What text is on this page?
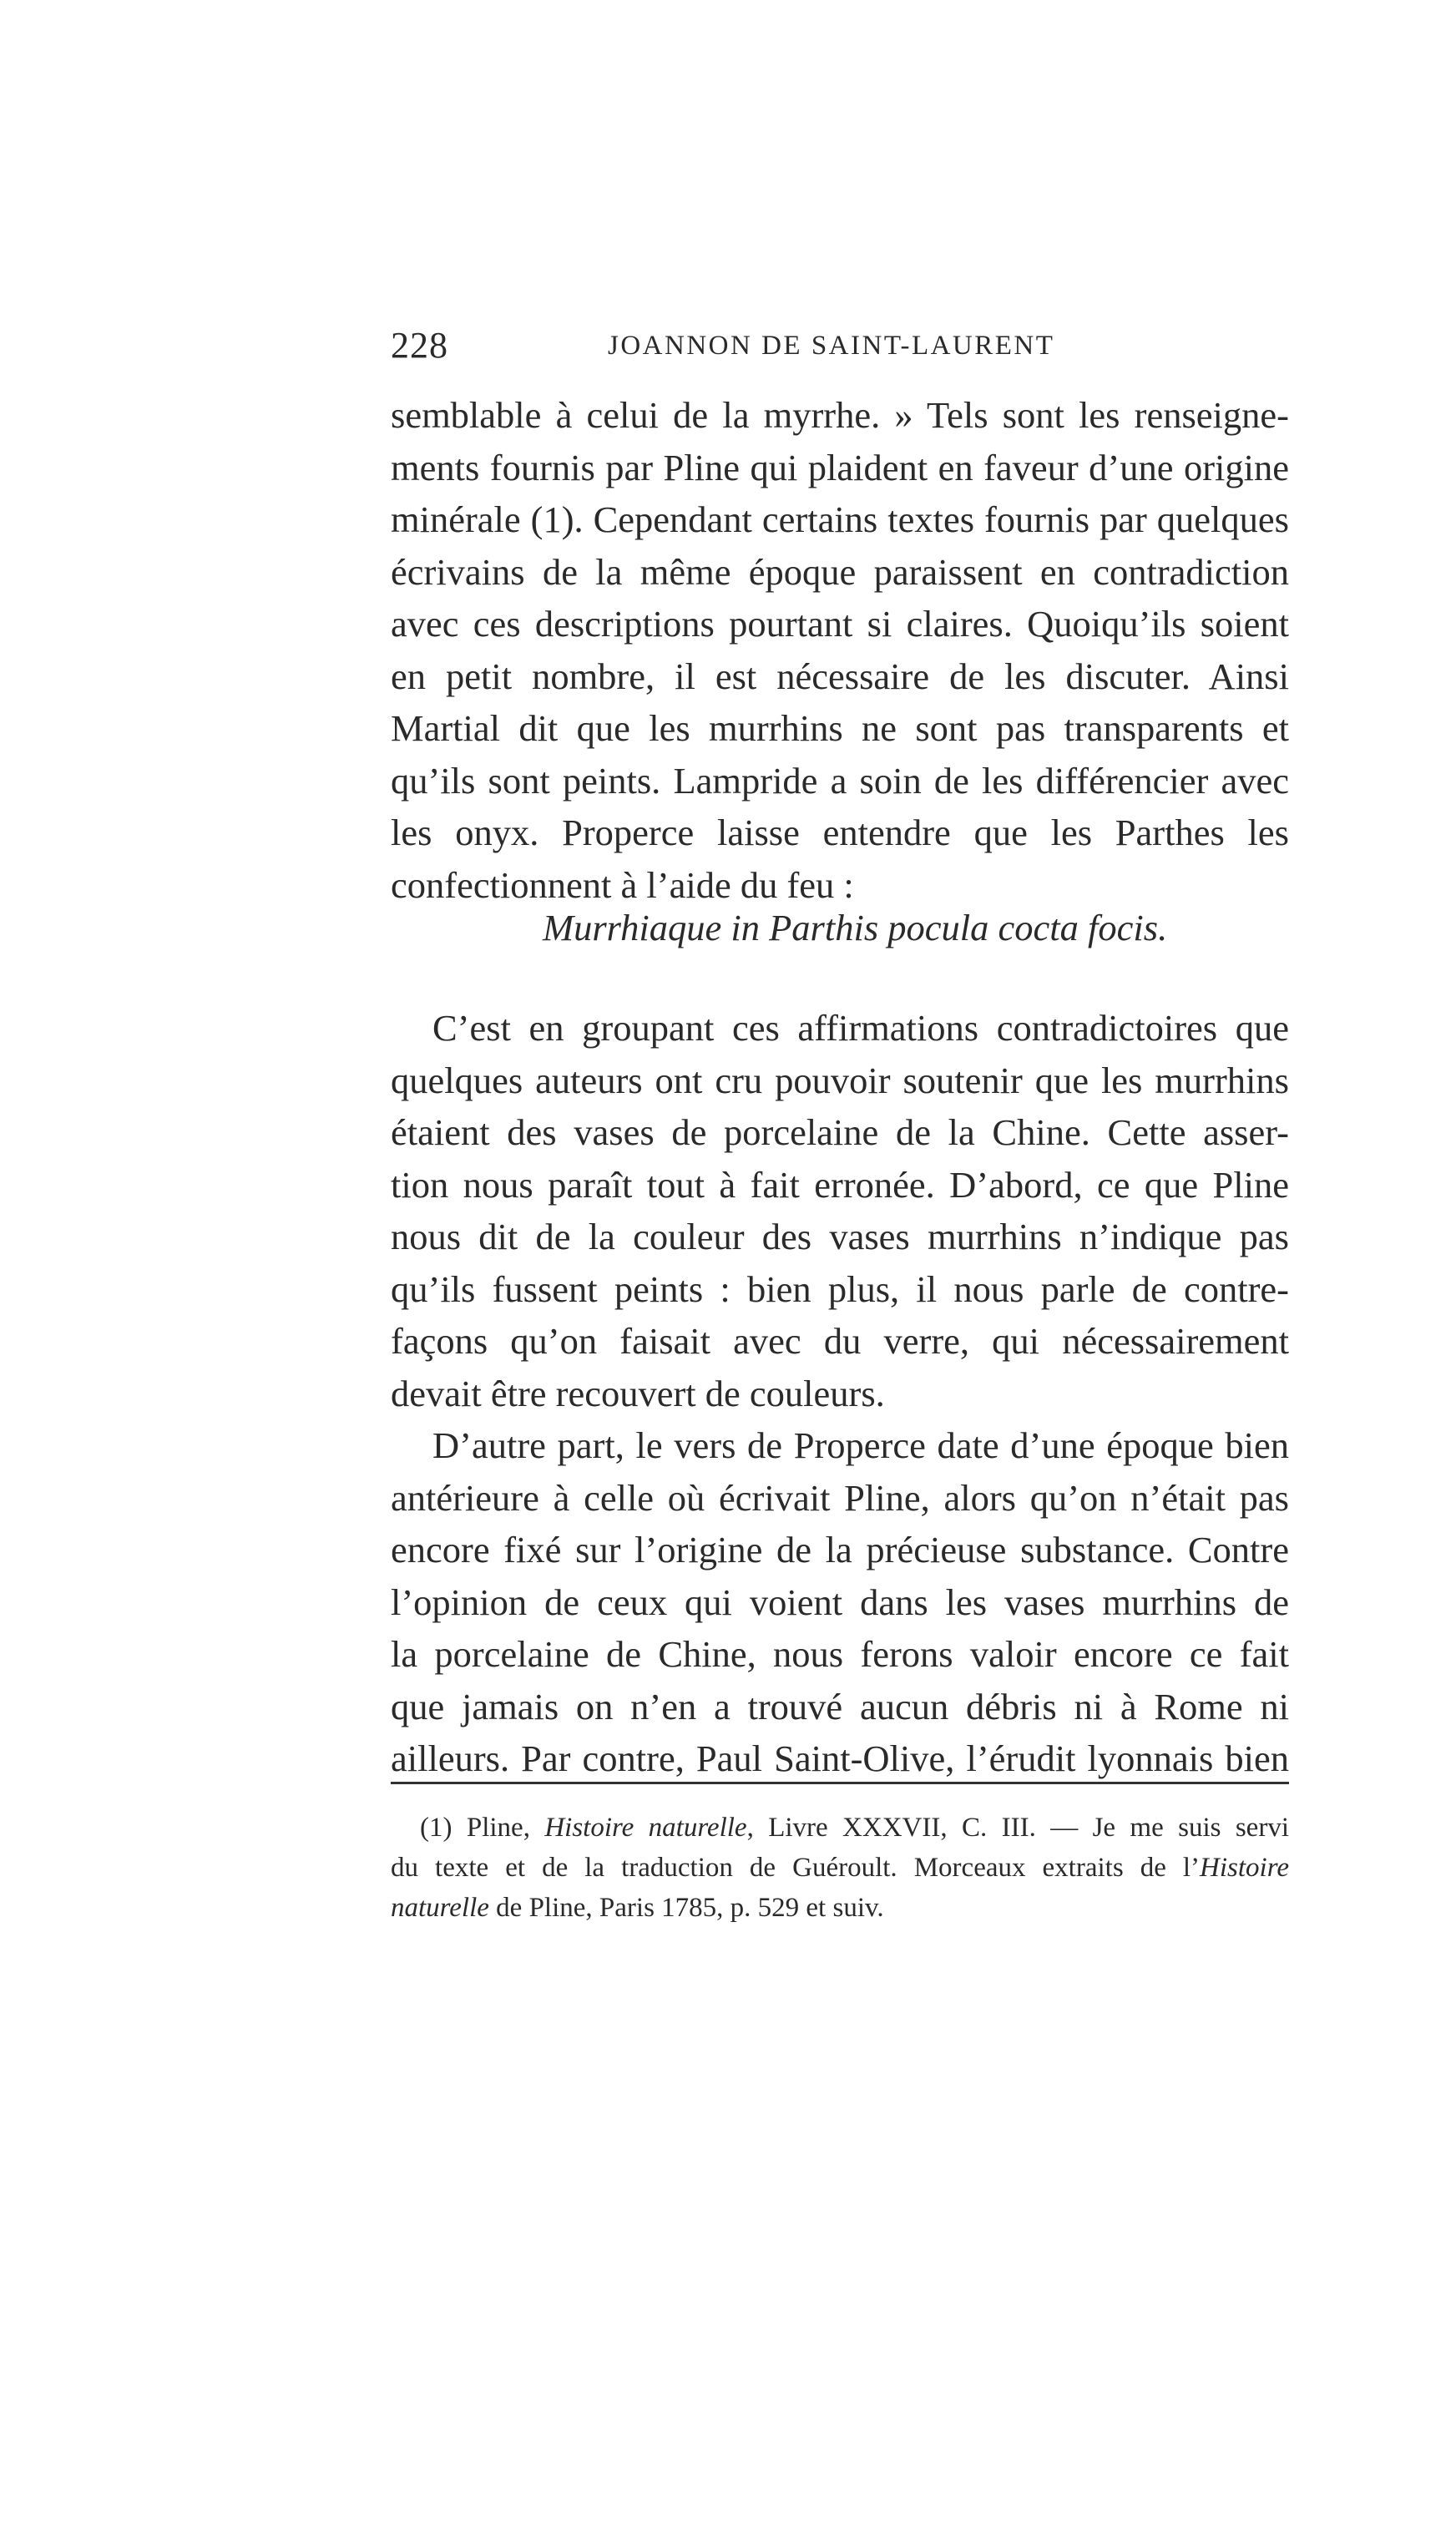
228	JOANNON DE SAINT-LAURENT
semblable à celui de la myrrhe. » Tels sont les renseigne-
ments fournis par Pline qui plaident en faveur d’une origine
minérale (1). Cependant certains textes fournis par quelques
écrivains de la même époque paraissent en contradiction
avec ces descriptions pourtant si claires. Quoiqu’ils soient
en petit nombre, il est nécessaire de les discuter. Ainsi
Martial dit que les murrhins ne sont pas transparents et
qu’ils sont peints. Lampride a soin de les différencier avec
les onyx. Properce laisse entendre que les Parthes les
confectionnent à l’aide du feu :
Murrhiaque in Parthis pocula cocta focis.
C’est en groupant ces affirmations contradictoires que
quelques auteurs ont cru pouvoir soutenir que les murrhins
étaient des vases de porcelaine de la Chine. Cette asser-
tion nous paraît tout à fait erronée. D’abord, ce que Pline
nous dit de la couleur des vases murrhins n’indique pas
qu’ils fussent peints : bien plus, il nous parle de contre-
façons qu’on faisait avec du verre, qui nécessairement
devait être recouvert de couleurs.
D’autre part, le vers de Properce date d’une époque bien
antérieure à celle où écrivait Pline, alors qu’on n’était pas
encore fixé sur l’origine de la précieuse substance. Contre
l’opinion de ceux qui voient dans les vases murrhins de
la porcelaine de Chine, nous ferons valoir encore ce fait
que jamais on n’en a trouvé aucun débris ni à Rome ni
ailleurs. Par contre, Paul Saint-Olive, l’érudit lyonnais bien
(1) Pline, Histoire naturelle, Livre XXXVII, C. III. — Je me suis servi
du texte et de la traduction de Guéroult. Morceaux extraits de l’Histoire
naturelle de Pline, Paris 1785, p. 529 et suiv.
